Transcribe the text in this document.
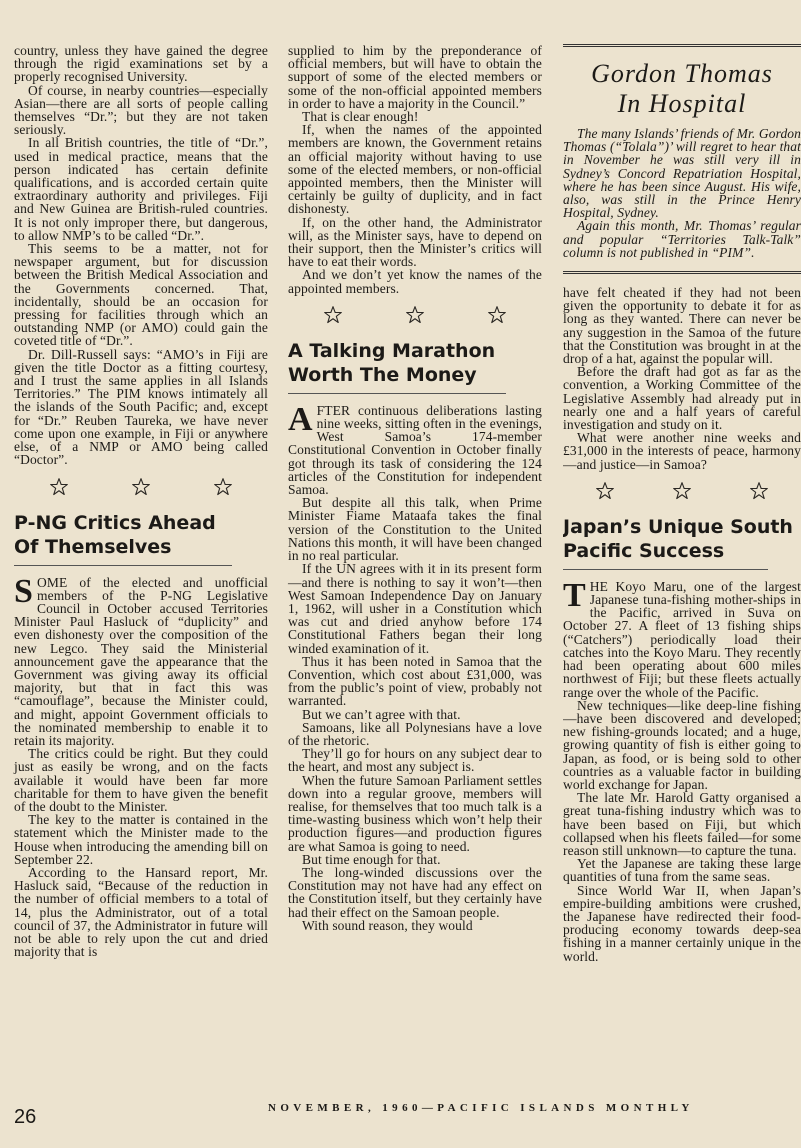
country, unless they have gained the degree through the rigid examinations set by a properly recognised University.

Of course, in nearby countries—especially Asian—there are all sorts of people calling themselves “Dr.”; but they are not taken seriously.

In all British countries, the title of “Dr.”, used in medical practice, means that the person indicated has certain definite qualifications, and is accorded certain quite extraordinary authority and privileges. Fiji and New Guinea are British-ruled countries. It is not only improper there, but dangerous, to allow NMP’s to be called “Dr.”.

This seems to be a matter, not for newspaper argument, but for discussion between the British Medical Association and the Governments concerned. That, incidentally, should be an occasion for pressing for facilities through which an outstanding NMP (or AMO) could gain the coveted title of “Dr.”.

Dr. Dill-Russell says: “AMO’s in Fiji are given the title Doctor as a fitting courtesy, and I trust the same applies in all Islands Territories.” The PIM knows intimately all the islands of the South Pacific; and, except for “Dr.” Reuben Taureka, we have never come upon one example, in Fiji or anywhere else, of a NMP or AMO being called “Doctor”.

P-NG Critics Ahead
Of Themselves

SOME of the elected and unofficial members of the P-NG Legislative Council in October accused Territories Minister Paul Hasluck of “duplicity” and even dishonesty over the composition of the new Legco. They said the Ministerial announcement gave the appearance that the Government was giving away its official majority, but that in fact this was “camouflage”, because the Minister could, and might, appoint Government officials to the nominated membership to enable it to retain its majority.

The critics could be right. But they could just as easily be wrong, and on the facts available it would have been far more charitable for them to have given the benefit of the doubt to the Minister.

The key to the matter is contained in the statement which the Minister made to the House when introducing the amending bill on September 22.

According to the Hansard report, Mr. Hasluck said, “Because of the reduction in the number of official members to a total of 14, plus the Administrator, out of a total council of 37, the Administrator in future will not be able to rely upon the cut and dried majority that is

supplied to him by the preponderance of official members, but will have to obtain the support of some of the elected members or some of the non-official appointed members in order to have a majority in the Council.”

That is clear enough!

If, when the names of the appointed members are known, the Government retains an official majority without having to use some of the elected members, or non-official appointed members, then the Minister will certainly be guilty of duplicity, and in fact dishonesty.

If, on the other hand, the Administrator will, as the Minister says, have to depend on their support, then the Minister’s critics will have to eat their words.

And we don’t yet know the names of the appointed members.

A Talking Marathon
Worth The Money

AFTER continuous deliberations lasting nine weeks, sitting often in the evenings, West Samoa’s 174-member Constitutional Convention in October finally got through its task of considering the 124 articles of the Constitution for independent Samoa.

But despite all this talk, when Prime Minister Fiame Mataafa takes the final version of the Constitution to the United Nations this month, it will have been changed in no real particular.

If the UN agrees with it in its present form—and there is nothing to say it won’t—then West Samoan Independence Day on January 1, 1962, will usher in a Constitution which was cut and dried anyhow before 174 Constitutional Fathers began their long winded examination of it.

Thus it has been noted in Samoa that the Convention, which cost about £31,000, was from the public’s point of view, probably not warranted.

But we can’t agree with that.

Samoans, like all Polynesians have a love of the rhetoric.

They’ll go for hours on any subject dear to the heart, and most any subject is.

When the future Samoan Parliament settles down into a regular groove, members will realise, for themselves that too much talk is a time-wasting business which won’t help their production figures—and production figures are what Samoa is going to need.

But time enough for that.

The long-winded discussions over the Constitution may not have had any effect on the Constitution itself, but they certainly have had their effect on the Samoan people.

With sound reason, they would

Gordon Thomas
In Hospital

The many Islands’ friends of Mr. Gordon Thomas (“Tolala”)’ will regret to hear that in November he was still very ill in Sydney’s Concord Repatriation Hospital, where he has been since August. His wife, also, was still in the Prince Henry Hospital, Sydney.

Again this month, Mr. Thomas’ regular and popular “Territories Talk-Talk” column is not published in “PIM”.

have felt cheated if they had not been given the opportunity to debate it for as long as they wanted. There can never be any suggestion in the Samoa of the future that the Constitution was brought in at the drop of a hat, against the popular will.

Before the draft had got as far as the convention, a Working Committee of the Legislative Assembly had already put in nearly one and a half years of careful investigation and study on it.

What were another nine weeks and £31,000 in the interests of peace, harmony—and justice—in Samoa?

Japan’s Unique South
Pacific Success

THE Koyo Maru, one of the largest Japanese tuna-fishing mother-ships in the Pacific, arrived in Suva on October 27. A fleet of 13 fishing ships (“Catchers”) periodically load their catches into the Koyo Maru. They recently had been operating about 600 miles northwest of Fiji; but these fleets actually range over the whole of the Pacific.

New techniques—like deep-line fishing—have been discovered and developed; new fishing-grounds located; and a huge, growing quantity of fish is either going to Japan, as food, or is being sold to other countries as a valuable factor in building world exchange for Japan.

The late Mr. Harold Gatty organised a great tuna-fishing industry which was to have been based on Fiji, but which collapsed when his fleets failed—for some reason still unknown—to capture the tuna.

Yet the Japanese are taking these large quantities of tuna from the same seas.

Since World War II, when Japan’s empire-building ambitions were crushed, the Japanese have redirected their food-producing economy towards deep-sea fishing in a manner certainly unique in the world.

26	NOVEMBER, 1960—PACIFIC ISLANDS MONTHLY
